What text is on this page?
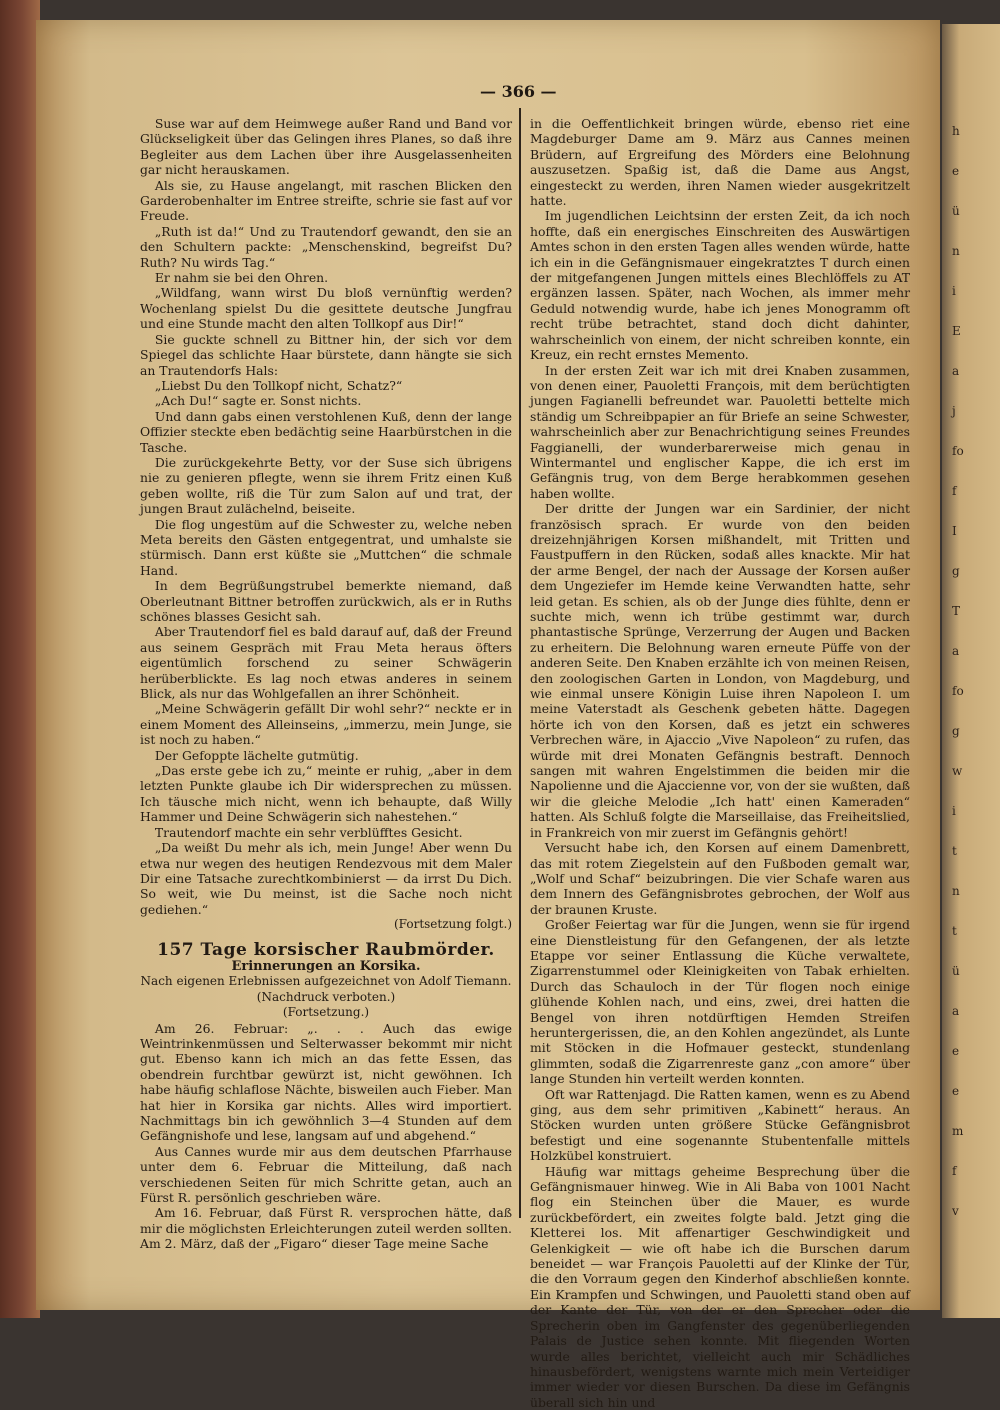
h
e
ü
n
i
E
a
j
fo
f
I
g
T
a
fo
g
w
i
t
n
t
ü
a
e
e
m
f
v
— 366 —

Suse war auf dem Heimwege außer Rand und Band vor Glückseligkeit über das Gelingen ihres Planes, so daß ihre Begleiter aus dem Lachen über ihre Ausgelassenheiten gar nicht herauskamen.

Als sie, zu Hause angelangt, mit raschen Blicken den Garderobenhalter im Entree streifte, schrie sie fast auf vor Freude.

„Ruth ist da!“ Und zu Trautendorf gewandt, den sie an den Schultern packte: „Menschenskind, begreifst Du? Ruth? Nu wirds Tag.“

Er nahm sie bei den Ohren.

„Wildfang, wann wirst Du bloß vernünftig werden? Wochenlang spielst Du die gesittete deutsche Jungfrau und eine Stunde macht den alten Tollkopf aus Dir!“

Sie guckte schnell zu Bittner hin, der sich vor dem Spiegel das schlichte Haar bürstete, dann hängte sie sich an Trautendorfs Hals:

„Liebst Du den Tollkopf nicht, Schatz?“

„Ach Du!“ sagte er. Sonst nichts.

Und dann gabs einen verstohlenen Kuß, denn der lange Offizier steckte eben bedächtig seine Haarbürstchen in die Tasche.

Die zurückgekehrte Betty, vor der Suse sich übrigens nie zu genieren pflegte, wenn sie ihrem Fritz einen Kuß geben wollte, riß die Tür zum Salon auf und trat, der jungen Braut zulächelnd, beiseite.

Die flog ungestüm auf die Schwester zu, welche neben Meta bereits den Gästen entgegentrat, und umhalste sie stürmisch. Dann erst küßte sie „Muttchen“ die schmale Hand.

In dem Begrüßungstrubel bemerkte niemand, daß Oberleutnant Bittner betroffen zurückwich, als er in Ruths schönes blasses Gesicht sah.

Aber Trautendorf fiel es bald darauf auf, daß der Freund aus seinem Gespräch mit Frau Meta heraus öfters eigentümlich forschend zu seiner Schwägerin herüberblickte. Es lag noch etwas anderes in seinem Blick, als nur das Wohlgefallen an ihrer Schönheit.

„Meine Schwägerin gefällt Dir wohl sehr?“ neckte er in einem Moment des Alleinseins, „immerzu, mein Junge, sie ist noch zu haben.“

Der Gefoppte lächelte gutmütig.

„Das erste gebe ich zu,“ meinte er ruhig, „aber in dem letzten Punkte glaube ich Dir widersprechen zu müssen. Ich täusche mich nicht, wenn ich behaupte, daß Willy Hammer und Deine Schwägerin sich nahestehen.“

Trautendorf machte ein sehr verblüfftes Gesicht.

„Da weißt Du mehr als ich, mein Junge! Aber wenn Du etwa nur wegen des heutigen Rendezvous mit dem Maler Dir eine Tatsache zurechtkombinierst — da irrst Du Dich. So weit, wie Du meinst, ist die Sache noch nicht gediehen.“

(Fortsetzung folgt.)

157 Tage korsischer Raubmörder.

Erinnerungen an Korsika.

Nach eigenen Erlebnissen aufgezeichnet von Adolf Tiemann.

(Nachdruck verboten.)

(Fortsetzung.)

Am 26. Februar: „. . . Auch das ewige Weintrinkenmüssen und Selterwasser bekommt mir nicht gut. Ebenso kann ich mich an das fette Essen, das obendrein furchtbar gewürzt ist, nicht gewöhnen. Ich habe häufig schlaflose Nächte, bisweilen auch Fieber. Man hat hier in Korsika gar nichts. Alles wird importiert. Nachmittags bin ich gewöhnlich 3—4 Stunden auf dem Gefängnishofe und lese, langsam auf und abgehend.“

Aus Cannes wurde mir aus dem deutschen Pfarrhause unter dem 6. Februar die Mitteilung, daß nach verschiedenen Seiten für mich Schritte getan, auch an Fürst R. persönlich geschrieben wäre.

Am 16. Februar, daß Fürst R. versprochen hätte, daß mir die möglichsten Erleichterungen zuteil werden sollten. Am 2. März, daß der „Figaro“ dieser Tage meine Sache

in die Oeffentlichkeit bringen würde, ebenso riet eine Magdeburger Dame am 9. März aus Cannes meinen Brüdern, auf Ergreifung des Mörders eine Belohnung auszusetzen. Spaßig ist, daß die Dame aus Angst, eingesteckt zu werden, ihren Namen wieder ausgekritzelt hatte.

Im jugendlichen Leichtsinn der ersten Zeit, da ich noch hoffte, daß ein energisches Einschreiten des Auswärtigen Amtes schon in den ersten Tagen alles wenden würde, hatte ich ein in die Gefängnismauer eingekratztes T durch einen der mitgefangenen Jungen mittels eines Blechlöffels zu AT ergänzen lassen. Später, nach Wochen, als immer mehr Geduld notwendig wurde, habe ich jenes Monogramm oft recht trübe betrachtet, stand doch dicht dahinter, wahrscheinlich von einem, der nicht schreiben konnte, ein Kreuz, ein recht ernstes Memento.

In der ersten Zeit war ich mit drei Knaben zusammen, von denen einer, Pauoletti François, mit dem berüchtigten jungen Fagianelli befreundet war. Pauoletti bettelte mich ständig um Schreibpapier an für Briefe an seine Schwester, wahrscheinlich aber zur Benachrichtigung seines Freundes Faggianelli, der wunderbarerweise mich genau in Wintermantel und englischer Kappe, die ich erst im Gefängnis trug, von dem Berge herabkommen gesehen haben wollte.

Der dritte der Jungen war ein Sardinier, der nicht französisch sprach. Er wurde von den beiden dreizehnjährigen Korsen mißhandelt, mit Tritten und Faustpuffern in den Rücken, sodaß alles knackte. Mir hat der arme Bengel, der nach der Aussage der Korsen außer dem Ungeziefer im Hemde keine Verwandten hatte, sehr leid getan. Es schien, als ob der Junge dies fühlte, denn er suchte mich, wenn ich trübe gestimmt war, durch phantastische Sprünge, Verzerrung der Augen und Backen zu erheitern. Die Belohnung waren erneute Püffe von der anderen Seite. Den Knaben erzählte ich von meinen Reisen, den zoologischen Garten in London, von Magdeburg, und wie einmal unsere Königin Luise ihren Napoleon I. um meine Vaterstadt als Geschenk gebeten hätte. Dagegen hörte ich von den Korsen, daß es jetzt ein schweres Verbrechen wäre, in Ajaccio „Vive Napoleon“ zu rufen, das würde mit drei Monaten Gefängnis bestraft. Dennoch sangen mit wahren Engelstimmen die beiden mir die Napolienne und die Ajaccienne vor, von der sie wußten, daß wir die gleiche Melodie „Ich hatt' einen Kameraden“ hatten. Als Schluß folgte die Marseillaise, das Freiheitslied, in Frankreich von mir zuerst im Gefängnis gehört!

Versucht habe ich, den Korsen auf einem Damenbrett, das mit rotem Ziegelstein auf den Fußboden gemalt war, „Wolf und Schaf“ beizubringen. Die vier Schafe waren aus dem Innern des Gefängnisbrotes gebrochen, der Wolf aus der braunen Kruste.

Großer Feiertag war für die Jungen, wenn sie für irgend eine Dienstleistung für den Gefangenen, der als letzte Etappe vor seiner Entlassung die Küche verwaltete, Zigarrenstummel oder Kleinigkeiten von Tabak erhielten. Durch das Schauloch in der Tür flogen noch einige glühende Kohlen nach, und eins, zwei, drei hatten die Bengel von ihren notdürftigen Hemden Streifen heruntergerissen, die, an den Kohlen angezündet, als Lunte mit Stöcken in die Hofmauer gesteckt, stundenlang glimmten, sodaß die Zigarrenreste ganz „con amore“ über lange Stunden hin verteilt werden konnten.

Oft war Rattenjagd. Die Ratten kamen, wenn es zu Abend ging, aus dem sehr primitiven „Kabinett“ heraus. An Stöcken wurden unten größere Stücke Gefängnisbrot befestigt und eine sogenannte Stubentenfalle mittels Holzkübel konstruiert.

Häufig war mittags geheime Besprechung über die Gefängnismauer hinweg. Wie in Ali Baba von 1001 Nacht flog ein Steinchen über die Mauer, es wurde zurückbefördert, ein zweites folgte bald. Jetzt ging die Kletterei los. Mit affenartiger Geschwindigkeit und Gelenkigkeit — wie oft habe ich die Burschen darum beneidet — war François Pauoletti auf der Klinke der Tür, die den Vorraum gegen den Kinderhof abschließen konnte. Ein Krampfen und Schwingen, und Pauoletti stand oben auf der Kante der Tür, von der er den Sprecher oder die Sprecherin oben im Gangfenster des gegenüberliegenden Palais de Justice sehen konnte. Mit fliegenden Worten wurde alles berichtet, vielleicht auch mir Schädliches hinausbefördert, wenigstens warnte mich mein Verteidiger immer wieder vor diesen Burschen. Da diese im Gefängnis überall sich hin und
